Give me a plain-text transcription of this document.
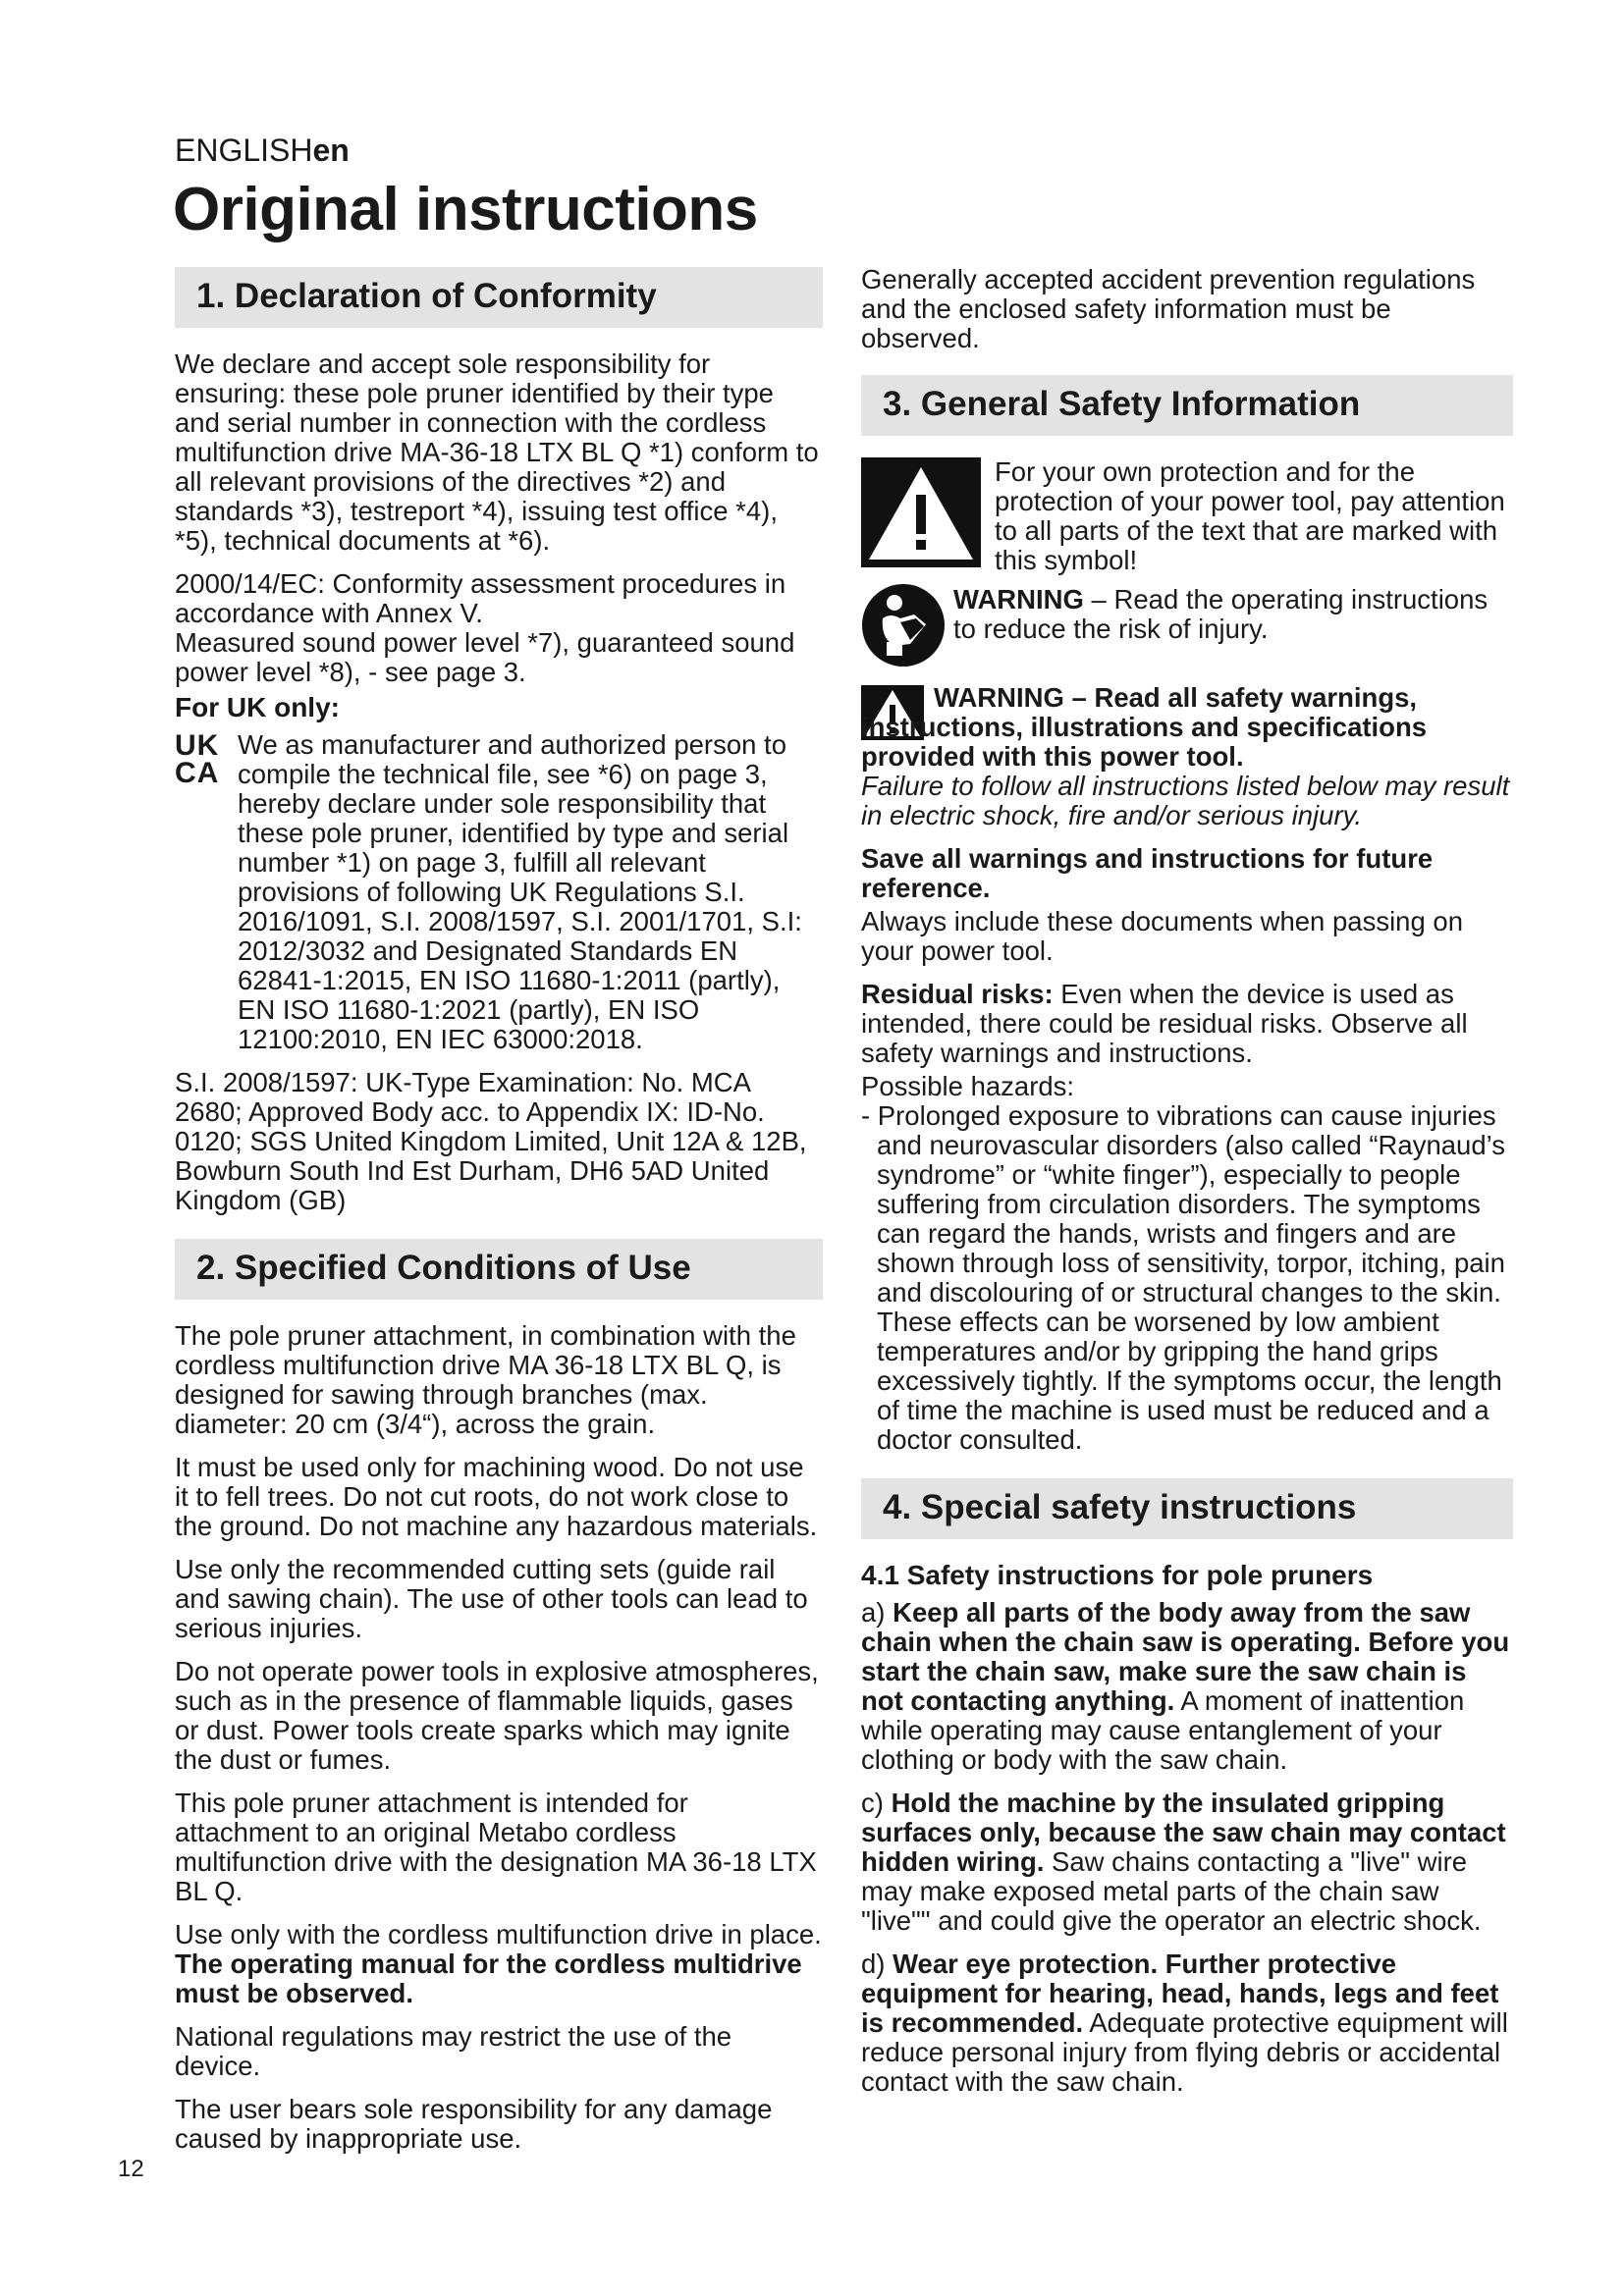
ENGLISHen
Original instructions
1. Declaration of Conformity

We declare and accept sole responsibility for ensuring: these pole pruner identified by their type and serial number in connection with the cordless multifunction drive MA-36-18 LTX BL Q *1) conform to all relevant provisions of the directives *2) and standards *3), testreport *4), issuing test office *4), *5), technical documents at *6).

2000/14/EC: Conformity assessment procedures in accordance with Annex V.

Measured sound power level *7), guaranteed sound power level *8), - see page 3.

For UK only:
UK
CA

We as manufacturer and authorized person to compile the technical file, see *6) on page 3, hereby declare under sole responsibility that these pole pruner, identified by type and serial number *1) on page 3, fulfill all relevant provisions of following UK Regulations S.I. 2016/1091, S.I. 2008/1597, S.I. 2001/1701, S.I: 2012/3032 and Designated Standards EN 62841-1:2015, EN ISO 11680-1:2011 (partly), EN ISO 11680-1:2021 (partly), EN ISO 12100:2010, EN IEC 63000:2018.

S.I. 2008/1597: UK-Type Examination: No. MCA 2680; Approved Body acc. to Appendix IX: ID-No. 0120; SGS United Kingdom Limited, Unit 12A & 12B, Bowburn South Ind Est Durham, DH6 5AD United Kingdom (GB)

2. Specified Conditions of Use

The pole pruner attachment, in combination with the cordless multifunction drive MA 36-18 LTX BL Q, is designed for sawing through branches (max. diameter: 20 cm (3/4“), across the grain.

It must be used only for machining wood. Do not use it to fell trees. Do not cut roots, do not work close to the ground. Do not machine any hazardous materials.

Use only the recommended cutting sets (guide rail and sawing chain). The use of other tools can lead to serious injuries.

Do not operate power tools in explosive atmospheres, such as in the presence of flammable liquids, gases or dust. Power tools create sparks which may ignite the dust or fumes.

This pole pruner attachment is intended for attachment to an original Metabo cordless multifunction drive with the designation MA 36-18 LTX BL Q.

Use only with the cordless multifunction drive in place. The operating manual for the cordless multidrive must be observed.

National regulations may restrict the use of the device.

The user bears sole responsibility for any damage caused by inappropriate use.

Generally accepted accident prevention regulations and the enclosed safety information must be observed.

3. General Safety Information

For your own protection and for the protection of your power tool, pay attention to all parts of the text that are marked with this symbol!

WARNING – Read the operating instructions to reduce the risk of injury.

WARNING – Read all safety warnings, instructions, illustrations and specifications provided with this power tool.

Failure to follow all instructions listed below may result in electric shock, fire and/or serious injury.

Save all warnings and instructions for future reference.

Always include these documents when passing on your power tool.

Residual risks: Even when the device is used as intended, there could be residual risks. Observe all safety warnings and instructions.

Possible hazards:

- Prolonged exposure to vibrations can cause injuries and neurovascular disorders (also called “Raynaud’s syndrome” or “white finger”), especially to people suffering from circulation disorders. The symptoms can regard the hands, wrists and fingers and are shown through loss of sensitivity, torpor, itching, pain and discolouring of or structural changes to the skin. These effects can be worsened by low ambient temperatures and/or by gripping the hand grips excessively tightly. If the symptoms occur, the length of time the machine is used must be reduced and a doctor consulted.

4. Special safety instructions
4.1 Safety instructions for pole pruners

a) Keep all parts of the body away from the saw chain when the chain saw is operating. Before you start the chain saw, make sure the saw chain is not contacting anything. A moment of inattention while operating may cause entanglement of your clothing or body with the saw chain.

c) Hold the machine by the insulated gripping surfaces only, because the saw chain may contact hidden wiring. Saw chains contacting a "live" wire may make exposed metal parts of the chain saw "live"" and could give the operator an electric shock.

d) Wear eye protection. Further protective equipment for hearing, head, hands, legs and feet is recommended. Adequate protective equipment will reduce personal injury from flying debris or accidental contact with the saw chain.

12
